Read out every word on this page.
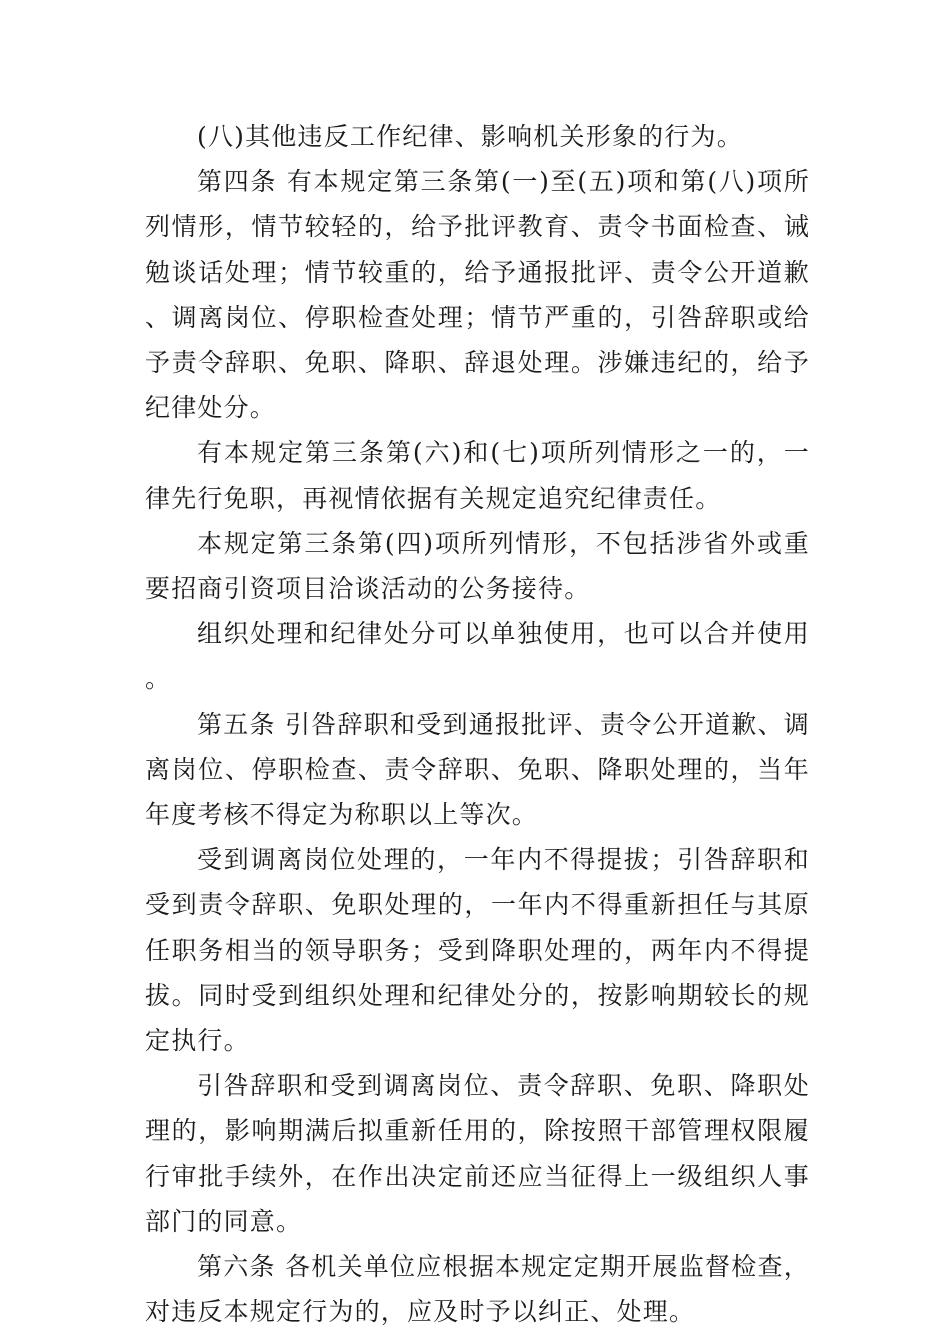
(八)其他违反工作纪律、影响机关形象的行为。

第四条 有本规定第三条第(一)至(五)项和第(八)项所列情形，情节较轻的，给予批评教育、责令书面检查、诫勉谈话处理；情节较重的，给予通报批评、责令公开道歉、调离岗位、停职检查处理；情节严重的，引咎辞职或给予责令辞职、免职、降职、辞退处理。涉嫌违纪的，给予纪律处分。

有本规定第三条第(六)和(七)项所列情形之一的，一律先行免职，再视情依据有关规定追究纪律责任。

本规定第三条第(四)项所列情形，不包括涉省外或重要招商引资项目洽谈活动的公务接待。

组织处理和纪律处分可以单独使用，也可以合并使用。

第五条 引咎辞职和受到通报批评、责令公开道歉、调离岗位、停职检查、责令辞职、免职、降职处理的，当年年度考核不得定为称职以上等次。

受到调离岗位处理的，一年内不得提拔；引咎辞职和受到责令辞职、免职处理的，一年内不得重新担任与其原任职务相当的领导职务；受到降职处理的，两年内不得提拔。同时受到组织处理和纪律处分的，按影响期较长的规定执行。

引咎辞职和受到调离岗位、责令辞职、免职、降职处理的，影响期满后拟重新任用的，除按照干部管理权限履行审批手续外，在作出决定前还应当征得上一级组织人事部门的同意。

第六条 各机关单位应根据本规定定期开展监督检查，对违反本规定行为的，应及时予以纠正、处理。
